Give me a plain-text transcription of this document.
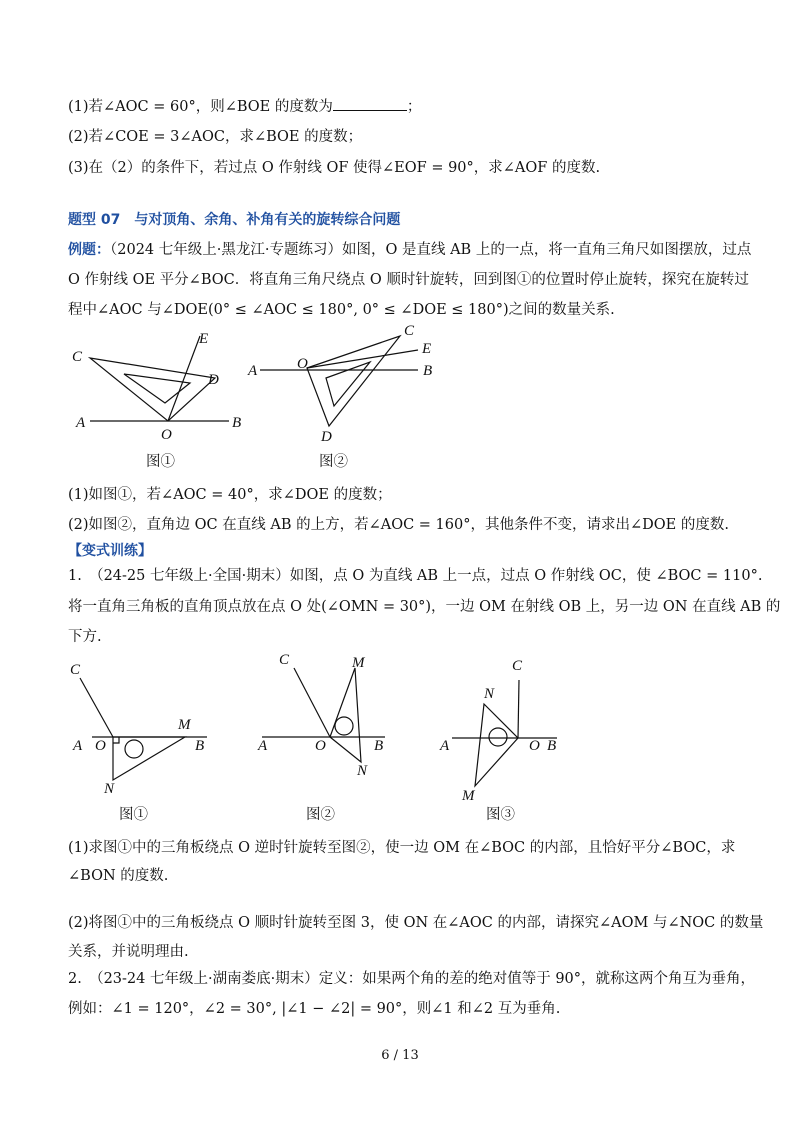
(1)若∠AOC = 60°，则∠BOE 的度数为	；
(2)若∠COE = 3∠AOC，求∠BOE 的度数；
(3)在（2）的条件下，若过点 O 作射线 OF 使得∠EOF = 90°，求∠AOF 的度数.
题型 07　与对顶角、余角、补角有关的旋转综合问题
例题：（2024 七年级上·黑龙江·专题练习）如图，O 是直线 AB 上的一点，将一直角三角尺如图摆放，过点
O 作射线 OE 平分∠BOC．将直角三角尺绕点 O 顺时针旋转，回到图①的位置时停止旋转，探究在旋转过
程中∠AOC 与∠DOE(0° ≤ ∠AOC ≤ 180°, 0° ≤ ∠DOE ≤ 180°)之间的数量关系.
C
E
D
A	B
O
图①
C
E
A	B
O
D
图②
(1)如图①，若∠AOC = 40°，求∠DOE 的度数；
(2)如图②，直角边 OC 在直线 AB 的上方，若∠AOC = 160°，其他条件不变，请求出∠DOE 的度数.
【变式训练】
1.　（24-25 七年级上·全国·期末）如图，点 O 为直线 AB 上一点，过点 O 作射线 OC，使 ∠BOC = 110°.
将一直角三角板的直角顶点放在点 O 处(∠OMN = 30°)，一边 OM 在射线 OB 上，另一边 ON 在直线 AB 的
下方.
C
A O
M
B
N
图①
C	M
A	O	B
N
图②
C
N
A	O B
M
图③
(1)求图①中的三角板绕点 O 逆时针旋转至图②，使一边 OM 在∠BOC 的内部，且恰好平分∠BOC，求
∠BON 的度数.
(2)将图①中的三角板绕点 O 顺时针旋转至图 3，使 ON 在∠AOC 的内部，请探究∠AOM 与∠NOC 的数量
关系，并说明理由.
2.　（23-24 七年级上·湖南娄底·期末）定义：如果两个角的差的绝对值等于 90°，就称这两个角互为垂角，
例如：∠1 = 120°，∠2 = 30°, |∠1 − ∠2| = 90°，则∠1 和∠2 互为垂角.
6 / 13
